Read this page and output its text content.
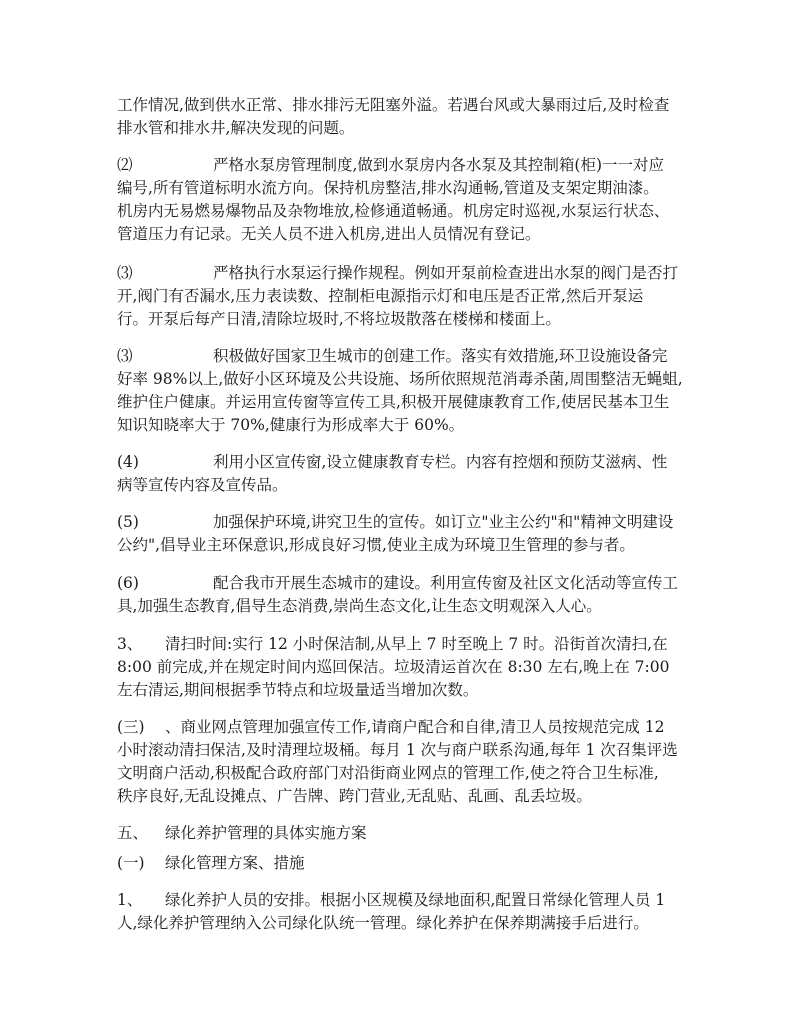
工作情况,做到供水正常、排水排污无阻塞外溢。若遇台风或大暴雨过后,及时检查
排水管和排水井,解决发现的问题。

⑵	严格水泵房管理制度,做到水泵房内各水泵及其控制箱(柜)一一对应
编号,所有管道标明水流方向。保持机房整洁,排水沟通畅,管道及支架定期油漆。
机房内无易燃易爆物品及杂物堆放,检修通道畅通。机房定时巡视,水泵运行状态、
管道压力有记录。无关人员不进入机房,进出人员情况有登记。

⑶	严格执行水泵运行操作规程。例如开泵前检查进出水泵的阀门是否打
开,阀门有否漏水,压力表读数、控制柜电源指示灯和电压是否正常,然后开泵运
行。开泵后每产日清,清除垃圾时,不将垃圾散落在楼梯和楼面上。

⑶	积极做好国家卫生城市的创建工作。落实有效措施,环卫设施设备完
好率 98%以上,做好小区环境及公共设施、场所依照规范消毒杀菌,周围整洁无蝇蛆,
维护住户健康。并运用宣传窗等宣传工具,积极开展健康教育工作,使居民基本卫生
知识知晓率大于 70%,健康行为形成率大于 60%。

(4)	利用小区宣传窗,设立健康教育专栏。内容有控烟和预防艾滋病、性
病等宣传内容及宣传品。

(5)	加强保护环境,讲究卫生的宣传。如订立"业主公约"和"精神文明建设
公约",倡导业主环保意识,形成良好习惯,使业主成为环境卫生管理的参与者。

(6)	配合我市开展生态城市的建设。利用宣传窗及社区文化活动等宣传工
具,加强生态教育,倡导生态消费,崇尚生态文化,让生态文明观深入人心。

3、 清扫时间:实行 12 小时保洁制,从早上 7 时至晚上 7 时。沿街首次清扫,在
8:00 前完成,并在规定时间内巡回保洁。垃圾清运首次在 8:30 左右,晚上在 7:00
左右清运,期间根据季节特点和垃圾量适当增加次数。

(三) 、商业网点管理加强宣传工作,请商户配合和自律,清卫人员按规范完成 12
小时滚动清扫保洁,及时清理垃圾桶。每月 1 次与商户联系沟通,每年 1 次召集评选
文明商户活动,积极配合政府部门对沿街商业网点的管理工作,使之符合卫生标准,
秩序良好,无乱设摊点、广告牌、跨门营业,无乱贴、乱画、乱丢垃圾。

五、 绿化养护管理的具体实施方案

(一) 绿化管理方案、措施

1、 绿化养护人员的安排。根据小区规模及绿地面积,配置日常绿化管理人员 1
人,绿化养护管理纳入公司绿化队统一管理。绿化养护在保养期满接手后进行。
